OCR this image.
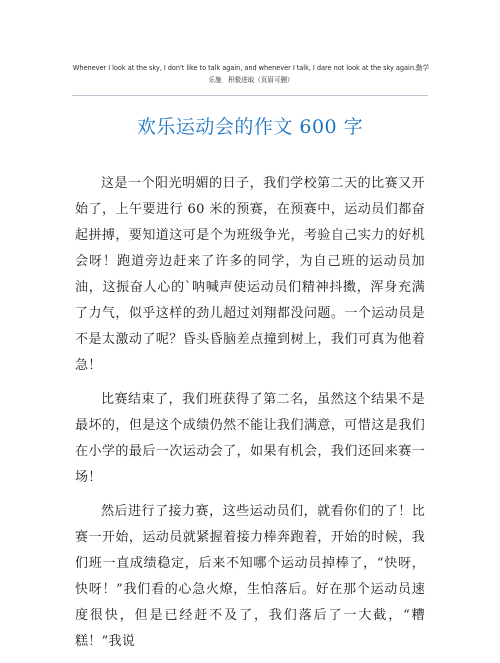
Whenever I look at the sky, I don't like to talk again, and whenever I talk, I dare not look at the sky again.勤学乐施　积极进取（页眉可删）
欢乐运动会的作文 600 字

这是一个阳光明媚的日子，我们学校第二天的比赛又开始了，上午要进行 60 米的预赛，在预赛中，运动员们都奋起拼搏，要知道这可是个为班级争光，考验自己实力的好机会呀！跑道旁边赶来了许多的同学，为自己班的运动员加油，这振奋人心的`呐喊声使运动员们精神抖擞，浑身充满了力气，似乎这样的劲儿超过刘翔都没问题。一个运动员是不是太激动了呢？昏头昏脑差点撞到树上，我们可真为他着急！

比赛结束了，我们班获得了第二名，虽然这个结果不是最坏的，但是这个成绩仍然不能让我们满意，可惜这是我们在小学的最后一次运动会了，如果有机会，我们还回来赛一场！

然后进行了接力赛，这些运动员们，就看你们的了！比赛一开始，运动员就紧握着接力棒奔跑着，开始的时候，我们班一直成绩稳定，后来不知哪个运动员掉棒了，“快呀，快呀！”我们看的心急火燎，生怕落后。好在那个运动员速度很快，但是已经赶不及了，我们落后了一大截，“糟糕！”我说
